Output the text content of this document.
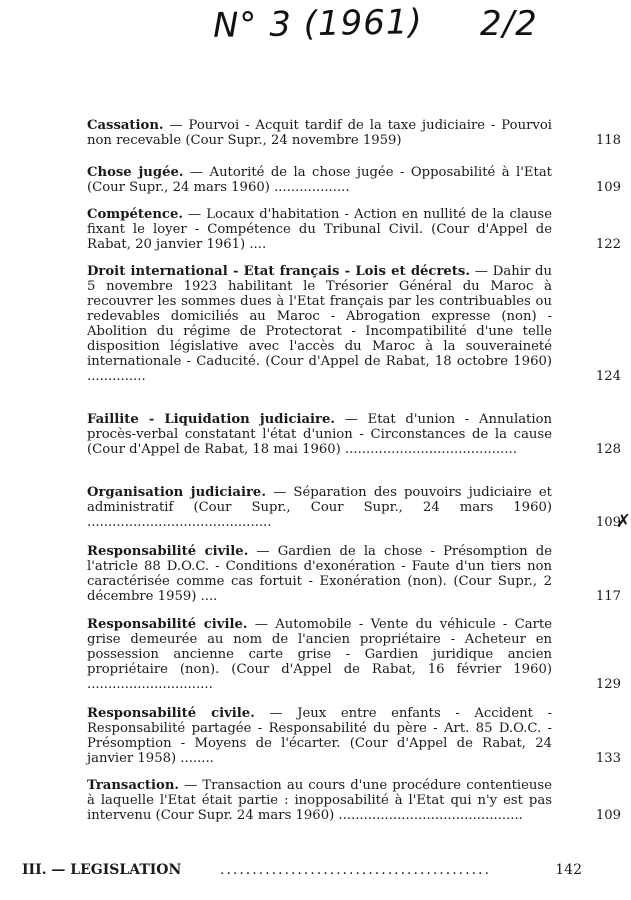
N° 3 (1961) 2/2
Cassation. — Pourvoi - Acquit tardif de la taxe judiciaire - Pourvoi non recevable (Cour Supr., 24 novembre 1959)	118
Chose jugée. — Autorité de la chose jugée - Opposabilité à l'Etat (Cour Supr., 24 mars 1960) ..................	109
Compétence. — Locaux d'habitation - Action en nullité de la clause fixant le loyer - Compétence du Tribunal Civil. (Cour d'Appel de Rabat, 20 janvier 1961) ....	122
Droit international - Etat français - Lois et décrets. — Dahir du 5 novembre 1923 habilitant le Trésorier Général du Maroc à recouvrer les sommes dues à l'Etat français par les contribuables ou redevables domiciliés au Maroc - Abrogation expresse (non) - Abolition du régime de Protectorat - Incompatibilité d'une telle disposition législative avec l'accès du Maroc à la souveraineté internationale - Caducité. (Cour d'Appel de Rabat, 18 octobre 1960) ..............	124
Faillite - Liquidation judiciaire. — Etat d'union - Annulation procès-verbal constatant l'état d'union - Circonstances de la cause (Cour d'Appel de Rabat, 18 mai 1960) .........................................	128
Organisation judiciaire. — Séparation des pouvoirs judiciaire et administratif (Cour Supr., Cour Supr., 24 mars 1960) ............................................	109
✗
Responsabilité civile. — Gardien de la chose - Présomption de l'atricle 88 D.O.C. - Conditions d'exonération - Faute d'un tiers non caractérisée comme cas fortuit - Exonération (non). (Cour Supr., 2 décembre 1959) ....	117
Responsabilité civile. — Automobile - Vente du véhicule - Carte grise demeurée au nom de l'ancien propriétaire - Acheteur en possession ancienne carte grise - Gardien juridique ancien propriétaire (non). (Cour d'Appel de Rabat, 16 février 1960) ..............................	129
Responsabilité civile. — Jeux entre enfants - Accident - Responsabilité partagée - Responsabilité du père - Art. 85 D.O.C. - Présomption - Moyens de l'écarter. (Cour d'Appel de Rabat, 24 janvier 1958) ........	133
Transaction. — Transaction au cours d'une procédure contentieuse à laquelle l'Etat était partie : inopposabilité à l'Etat qui n'y est pas intervenu (Cour Supr. 24 mars 1960) ............................................	109
III. — LEGISLATION	..........................................	142
